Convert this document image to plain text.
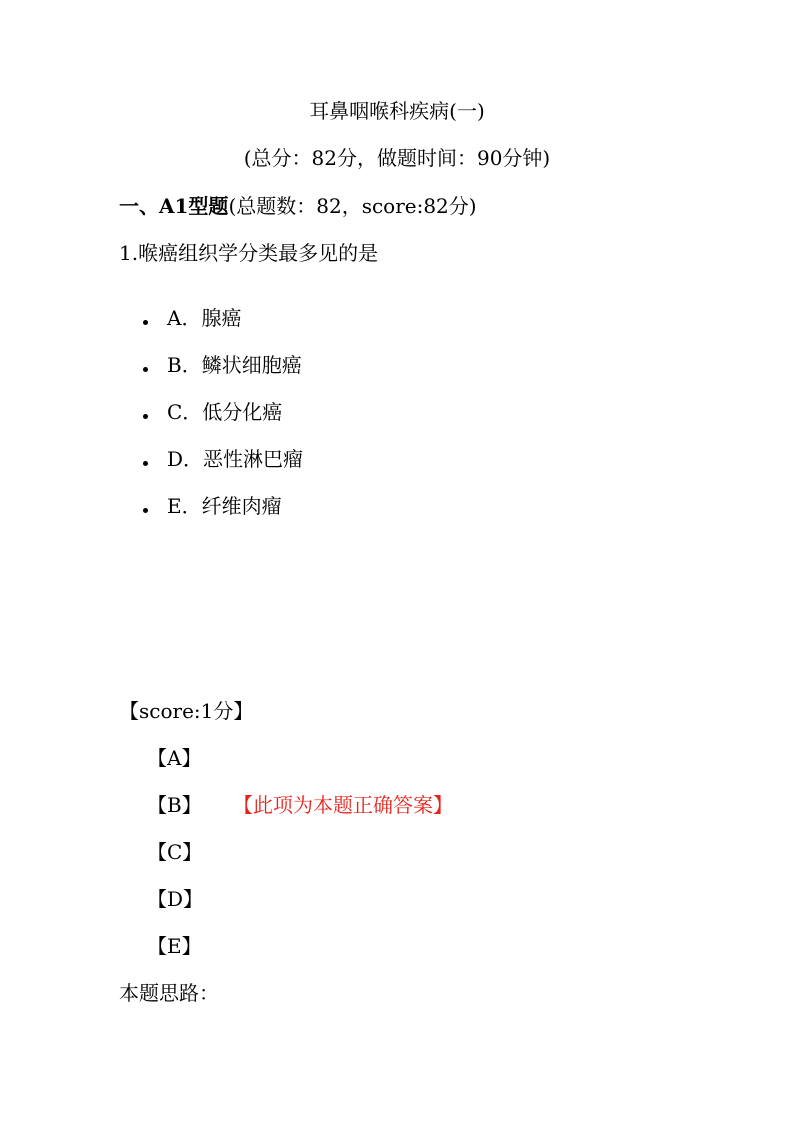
耳鼻咽喉科疾病(一)
(总分：82分，做题时间：90分钟)
一、A1型题(总题数：82，score:82分)
1.喉癌组织学分类最多见的是
A．腺癌
B．鳞状细胞癌
C．低分化癌
D．恶性淋巴瘤
E．纤维肉瘤
【score:1分】
【A】
【B】 【此项为本题正确答案】
【C】
【D】
【E】
本题思路：
